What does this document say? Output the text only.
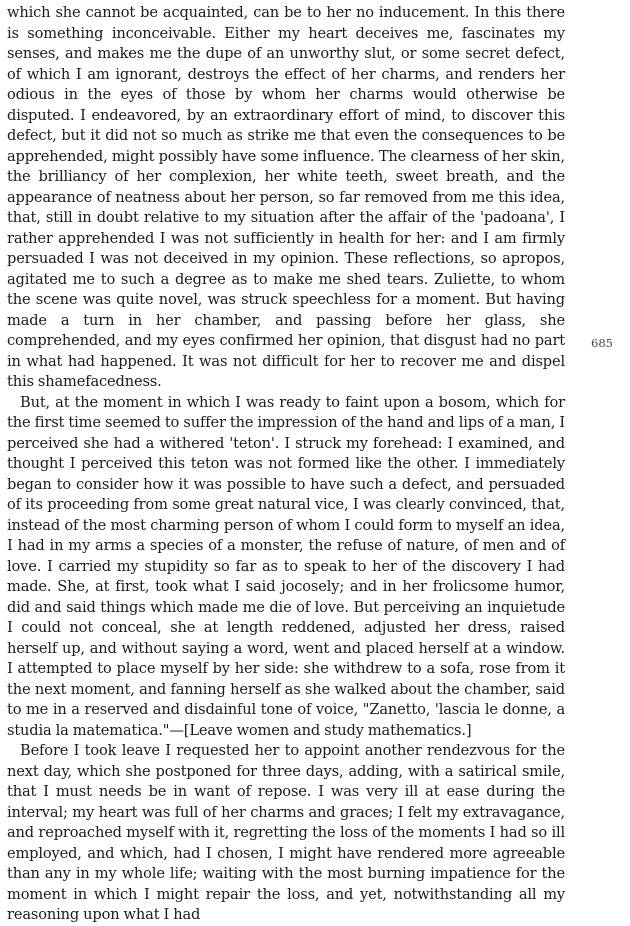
which she cannot be acquainted, can be to her no inducement. In this there is something inconceivable. Either my heart deceives me, fascinates my senses, and makes me the dupe of an unworthy slut, or some secret defect, of which I am ignorant, destroys the effect of her charms, and renders her odious in the eyes of those by whom her charms would otherwise be disputed. I endeavored, by an extraordinary effort of mind, to discover this defect, but it did not so much as strike me that even the consequences to be apprehended, might possibly have some influence. The clearness of her skin, the brilliancy of her complexion, her white teeth, sweet breath, and the appearance of neatness about her person, so far removed from me this idea, that, still in doubt relative to my situation after the affair of the 'padoana', I rather apprehended I was not sufficiently in health for her: and I am firmly persuaded I was not deceived in my opinion. These reflections, so apropos, agitated me to such a degree as to make me shed tears. Zuliette, to whom the scene was quite novel, was struck speechless for a moment. But having made a turn in her chamber, and passing before her glass, she comprehended, and my eyes confirmed her opinion, that disgust had no part in what had happened. It was not difficult for her to recover me and dispel this shamefacedness.

But, at the moment in which I was ready to faint upon a bosom, which for the first time seemed to suffer the impression of the hand and lips of a man, I perceived she had a withered 'teton'. I struck my forehead: I examined, and thought I perceived this teton was not formed like the other. I immediately began to consider how it was possible to have such a defect, and persuaded of its proceeding from some great natural vice, I was clearly convinced, that, instead of the most charming person of whom I could form to myself an idea, I had in my arms a species of a monster, the refuse of nature, of men and of love. I carried my stupidity so far as to speak to her of the discovery I had made. She, at first, took what I said jocosely; and in her frolicsome humor, did and said things which made me die of love. But perceiving an inquietude I could not conceal, she at length reddened, adjusted her dress, raised herself up, and without saying a word, went and placed herself at a window. I attempted to place myself by her side: she withdrew to a sofa, rose from it the next moment, and fanning herself as she walked about the chamber, said to me in a reserved and disdainful tone of voice, "Zanetto, 'lascia le donne, a studia la matematica."—[Leave women and study mathematics.]

Before I took leave I requested her to appoint another rendezvous for the next day, which she postponed for three days, adding, with a satirical smile, that I must needs be in want of repose. I was very ill at ease during the interval; my heart was full of her charms and graces; I felt my extravagance, and reproached myself with it, regretting the loss of the moments I had so ill employed, and which, had I chosen, I might have rendered more agreeable than any in my whole life; waiting with the most burning impatience for the moment in which I might repair the loss, and yet, notwithstanding all my reasoning upon what I had

685
